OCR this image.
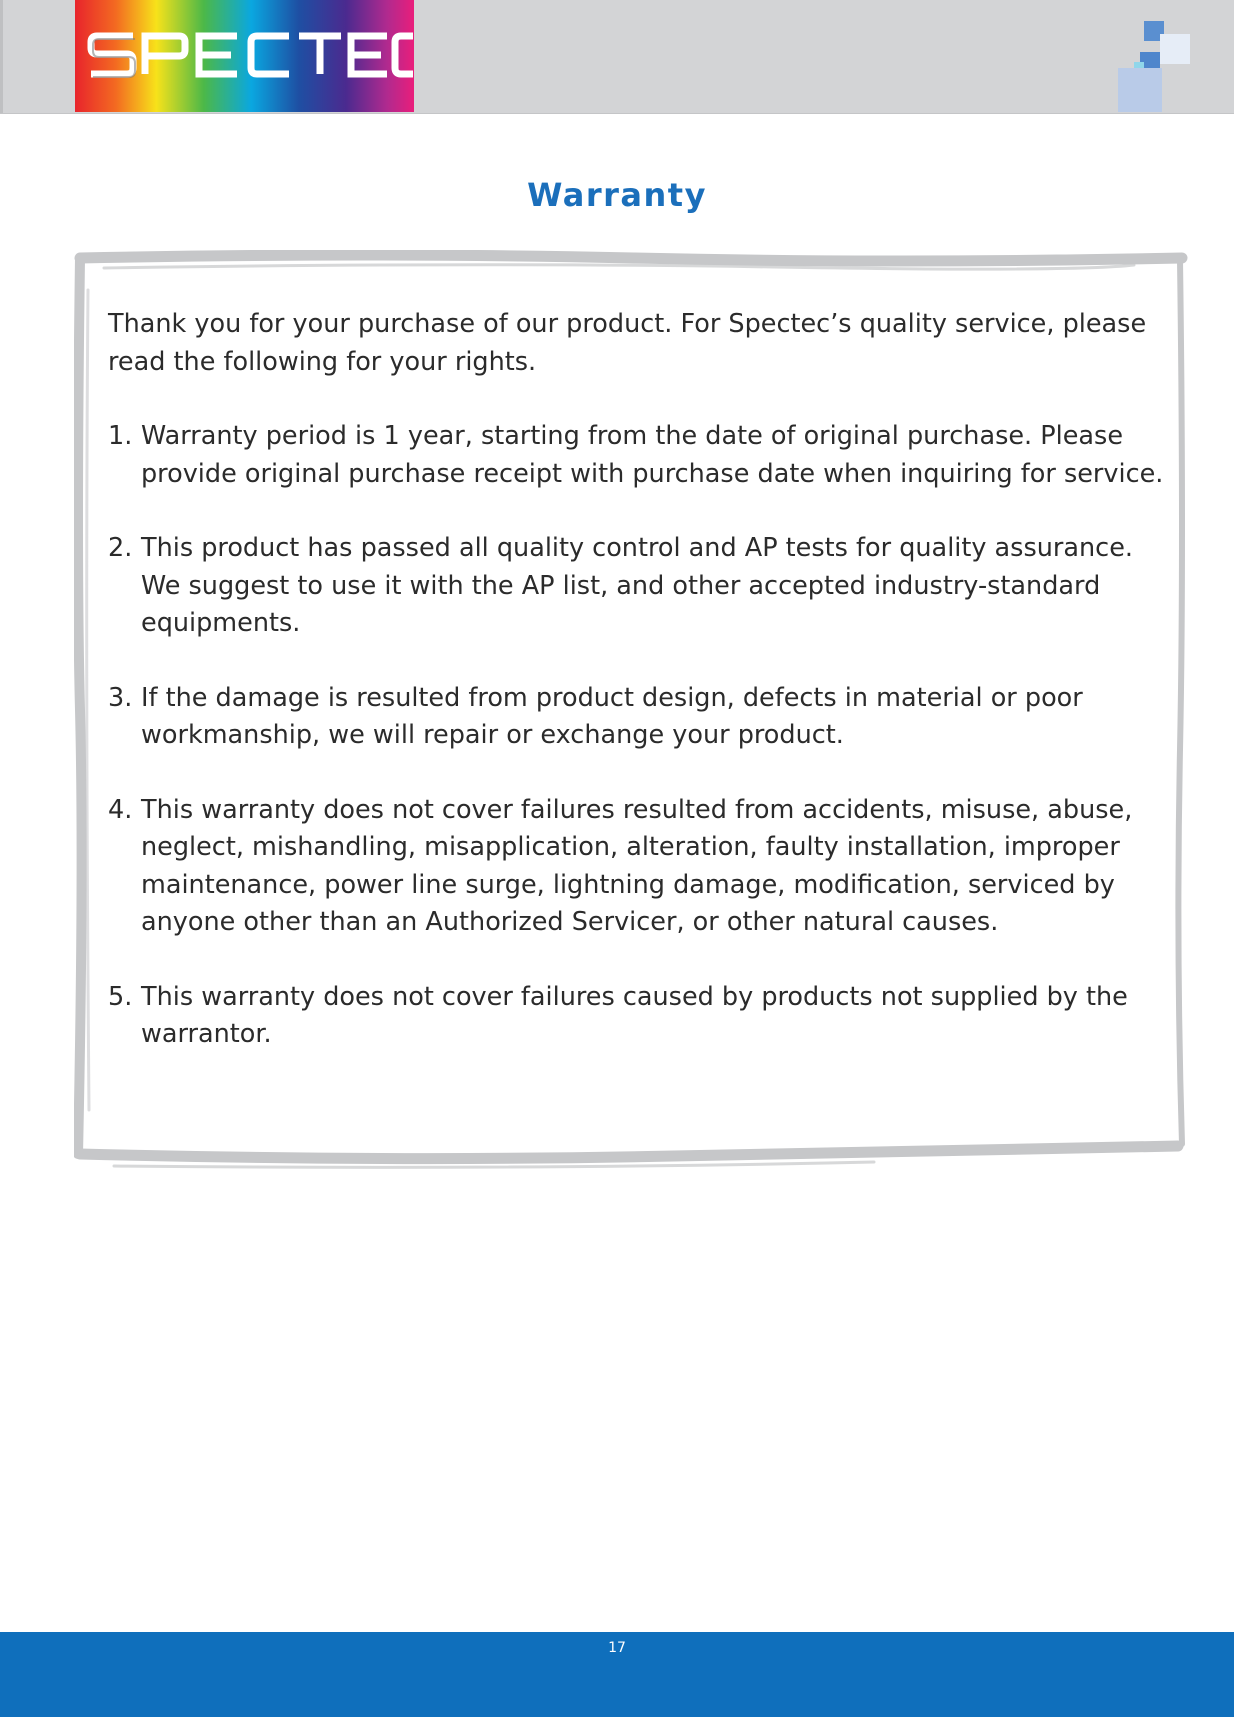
Warranty

Thank you for your purchase of our product. For Spectec’s quality service, please read the following for your rights.

1. Warranty period is 1 year, starting from the date of original purchase. Please provide original purchase receipt with purchase date when inquiring for service.
2. This product has passed all quality control and AP tests for quality assurance. We suggest to use it with the AP list, and other accepted industry-standard equipments.
3. If the damage is resulted from product design, defects in material or poor workmanship, we will repair or exchange your product.
4. This warranty does not cover failures resulted from accidents, misuse, abuse, neglect, mishandling, misapplication, alteration, faulty installation, improper maintenance, power line surge, lightning damage, modification, serviced by anyone other than an Authorized Servicer, or other natural causes.
5. This warranty does not cover failures caused by products not supplied by the warrantor.
17
